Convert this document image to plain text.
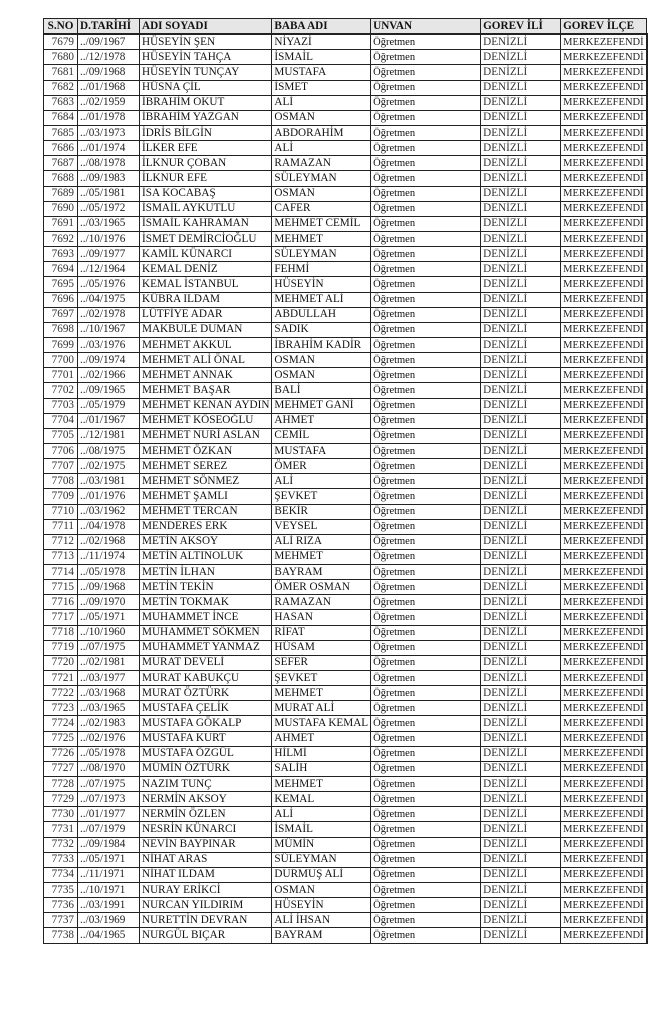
S.NO	D.TARİHİ	ADI SOYADI	BABA ADI	UNVAN	GOREV İLİ	GOREV İLÇE
7679	../09/1967	HÜSEYİN ŞEN	NİYAZİ	Öğretmen	DENİZLİ	MERKEZEFENDİ
7680	../12/1978	HÜSEYİN TAHÇA	İSMAİL	Öğretmen	DENİZLİ	MERKEZEFENDİ
7681	../09/1968	HÜSEYİN TUNÇAY	MUSTAFA	Öğretmen	DENİZLİ	MERKEZEFENDİ
7682	../01/1968	HÜSNA ÇİL	İSMET	Öğretmen	DENİZLİ	MERKEZEFENDİ
7683	../02/1959	İBRAHİM OKUT	ALİ	Öğretmen	DENİZLİ	MERKEZEFENDİ
7684	../01/1978	İBRAHİM YAZGAN	OSMAN	Öğretmen	DENİZLİ	MERKEZEFENDİ
7685	../03/1973	İDRİS BİLGİN	ABDORAHİM	Öğretmen	DENİZLİ	MERKEZEFENDİ
7686	../01/1974	İLKER EFE	ALİ	Öğretmen	DENİZLİ	MERKEZEFENDİ
7687	../08/1978	İLKNUR ÇOBAN	RAMAZAN	Öğretmen	DENİZLİ	MERKEZEFENDİ
7688	../09/1983	İLKNUR EFE	SÜLEYMAN	Öğretmen	DENİZLİ	MERKEZEFENDİ
7689	../05/1981	İSA KOCABAŞ	OSMAN	Öğretmen	DENİZLİ	MERKEZEFENDİ
7690	../05/1972	İSMAİL AYKUTLU	CAFER	Öğretmen	DENİZLİ	MERKEZEFENDİ
7691	../03/1965	İSMAİL KAHRAMAN	MEHMET CEMİL	Öğretmen	DENİZLİ	MERKEZEFENDİ
7692	../10/1976	İSMET DEMİRCİOĞLU	MEHMET	Öğretmen	DENİZLİ	MERKEZEFENDİ
7693	../09/1977	KAMİL KÜNARCI	SÜLEYMAN	Öğretmen	DENİZLİ	MERKEZEFENDİ
7694	../12/1964	KEMAL DENİZ	FEHMİ	Öğretmen	DENİZLİ	MERKEZEFENDİ
7695	../05/1976	KEMAL İSTANBUL	HÜSEYİN	Öğretmen	DENİZLİ	MERKEZEFENDİ
7696	../04/1975	KÜBRA ILDAM	MEHMET ALİ	Öğretmen	DENİZLİ	MERKEZEFENDİ
7697	../02/1978	LÜTFİYE ADAR	ABDULLAH	Öğretmen	DENİZLİ	MERKEZEFENDİ
7698	../10/1967	MAKBULE DUMAN	SADIK	Öğretmen	DENİZLİ	MERKEZEFENDİ
7699	../03/1976	MEHMET AKKUL	İBRAHİM KADİR	Öğretmen	DENİZLİ	MERKEZEFENDİ
7700	../09/1974	MEHMET ALİ ÖNAL	OSMAN	Öğretmen	DENİZLİ	MERKEZEFENDİ
7701	../02/1966	MEHMET ANNAK	OSMAN	Öğretmen	DENİZLİ	MERKEZEFENDİ
7702	../09/1965	MEHMET BAŞAR	BALİ	Öğretmen	DENİZLİ	MERKEZEFENDİ
7703	../05/1979	MEHMET KENAN AYDIN	MEHMET GANİ	Öğretmen	DENİZLİ	MERKEZEFENDİ
7704	../01/1967	MEHMET KÖSEOĞLU	AHMET	Öğretmen	DENİZLİ	MERKEZEFENDİ
7705	../12/1981	MEHMET NURİ ASLAN	CEMİL	Öğretmen	DENİZLİ	MERKEZEFENDİ
7706	../08/1975	MEHMET ÖZKAN	MUSTAFA	Öğretmen	DENİZLİ	MERKEZEFENDİ
7707	../02/1975	MEHMET SEREZ	ÖMER	Öğretmen	DENİZLİ	MERKEZEFENDİ
7708	../03/1981	MEHMET SÖNMEZ	ALİ	Öğretmen	DENİZLİ	MERKEZEFENDİ
7709	../01/1976	MEHMET ŞAMLI	ŞEVKET	Öğretmen	DENİZLİ	MERKEZEFENDİ
7710	../03/1962	MEHMET TERCAN	BEKİR	Öğretmen	DENİZLİ	MERKEZEFENDİ
7711	../04/1978	MENDERES ERK	VEYSEL	Öğretmen	DENİZLİ	MERKEZEFENDİ
7712	../02/1968	METİN AKSOY	ALİ RIZA	Öğretmen	DENİZLİ	MERKEZEFENDİ
7713	../11/1974	METİN ALTINOLUK	MEHMET	Öğretmen	DENİZLİ	MERKEZEFENDİ
7714	../05/1978	METİN İLHAN	BAYRAM	Öğretmen	DENİZLİ	MERKEZEFENDİ
7715	../09/1968	METİN TEKİN	ÖMER OSMAN	Öğretmen	DENİZLİ	MERKEZEFENDİ
7716	../09/1970	METİN TOKMAK	RAMAZAN	Öğretmen	DENİZLİ	MERKEZEFENDİ
7717	../05/1971	MUHAMMET İNCE	HASAN	Öğretmen	DENİZLİ	MERKEZEFENDİ
7718	../10/1960	MUHAMMET SÖKMEN	RİFAT	Öğretmen	DENİZLİ	MERKEZEFENDİ
7719	../07/1975	MUHAMMET YANMAZ	HÜSAM	Öğretmen	DENİZLİ	MERKEZEFENDİ
7720	../02/1981	MURAT DEVELİ	SEFER	Öğretmen	DENİZLİ	MERKEZEFENDİ
7721	../03/1977	MURAT KABUKÇU	ŞEVKET	Öğretmen	DENİZLİ	MERKEZEFENDİ
7722	../03/1968	MURAT ÖZTÜRK	MEHMET	Öğretmen	DENİZLİ	MERKEZEFENDİ
7723	../03/1965	MUSTAFA ÇELİK	MURAT ALİ	Öğretmen	DENİZLİ	MERKEZEFENDİ
7724	../02/1983	MUSTAFA GÖKALP	MUSTAFA KEMAL	Öğretmen	DENİZLİ	MERKEZEFENDİ
7725	../02/1976	MUSTAFA KURT	AHMET	Öğretmen	DENİZLİ	MERKEZEFENDİ
7726	../05/1978	MUSTAFA ÖZGÜL	HİLMİ	Öğretmen	DENİZLİ	MERKEZEFENDİ
7727	../08/1970	MÜMİN ÖZTÜRK	SALİH	Öğretmen	DENİZLİ	MERKEZEFENDİ
7728	../07/1975	NAZIM TUNÇ	MEHMET	Öğretmen	DENİZLİ	MERKEZEFENDİ
7729	../07/1973	NERMİN AKSOY	KEMAL	Öğretmen	DENİZLİ	MERKEZEFENDİ
7730	../01/1977	NERMİN ÖZLEN	ALİ	Öğretmen	DENİZLİ	MERKEZEFENDİ
7731	../07/1979	NESRİN KÜNARCI	İSMAİL	Öğretmen	DENİZLİ	MERKEZEFENDİ
7732	../09/1984	NEVİN BAYPINAR	MÜMİN	Öğretmen	DENİZLİ	MERKEZEFENDİ
7733	../05/1971	NİHAT ARAS	SÜLEYMAN	Öğretmen	DENİZLİ	MERKEZEFENDİ
7734	../11/1971	NİHAT ILDAM	DURMUŞ ALİ	Öğretmen	DENİZLİ	MERKEZEFENDİ
7735	../10/1971	NURAY ERİKCİ	OSMAN	Öğretmen	DENİZLİ	MERKEZEFENDİ
7736	../03/1991	NURCAN YILDIRIM	HÜSEYİN	Öğretmen	DENİZLİ	MERKEZEFENDİ
7737	../03/1969	NURETTİN DEVRAN	ALİ İHSAN	Öğretmen	DENİZLİ	MERKEZEFENDİ
7738	../04/1965	NURGÜL BIÇAR	BAYRAM	Öğretmen	DENİZLİ	MERKEZEFENDİ
